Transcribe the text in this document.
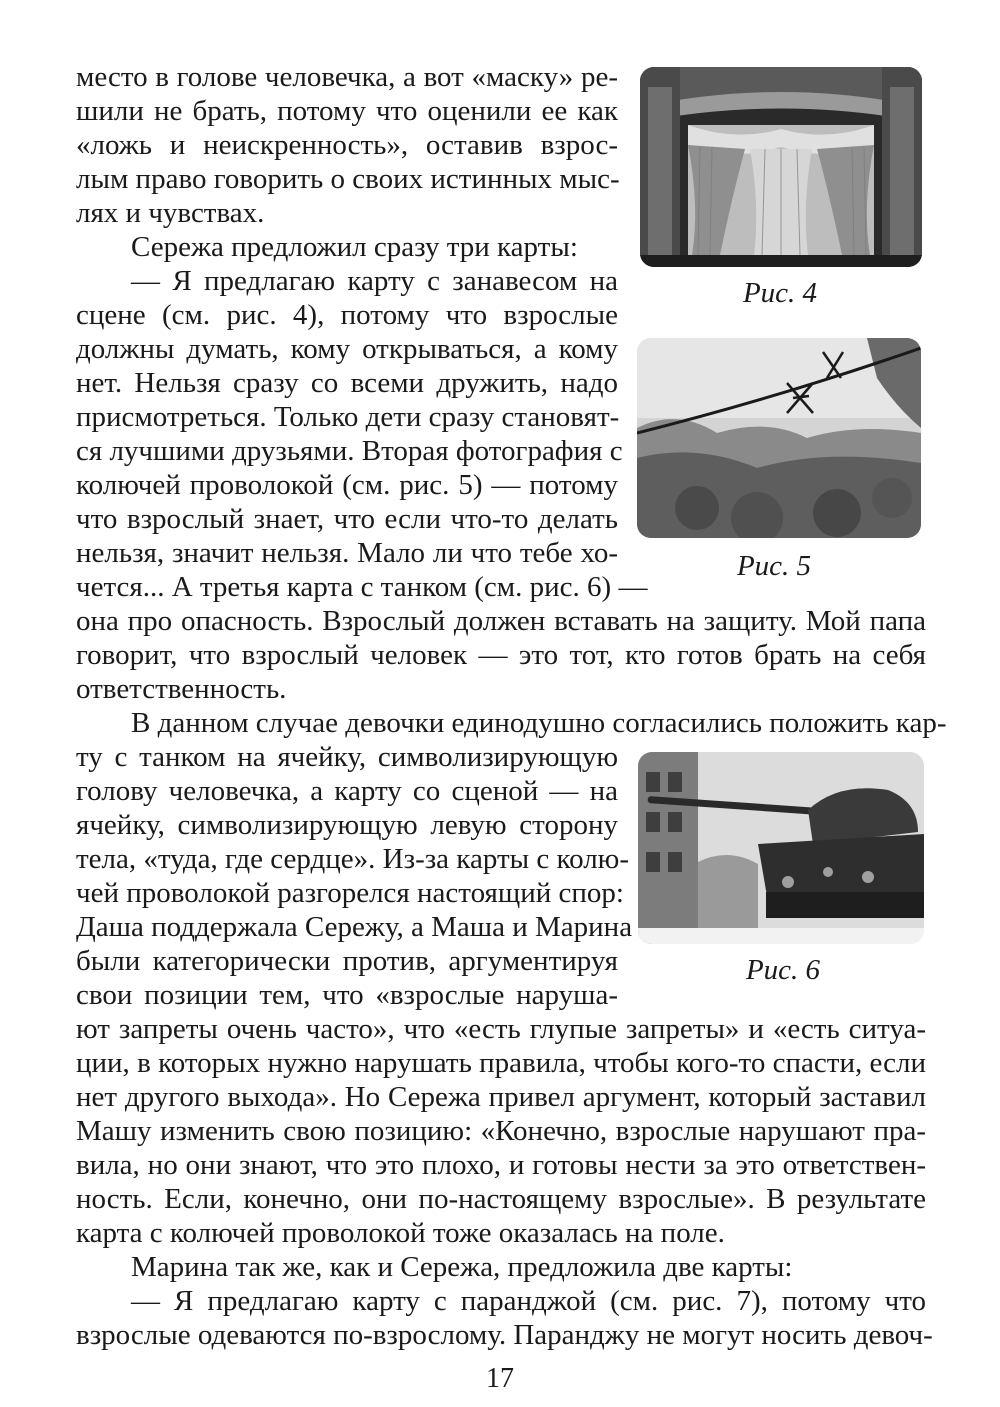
место в голове человечка, а вот «маску» ре-
шили не брать, потому что оценили ее как
«ложь и неискренность», оставив взрос-
лым право говорить о своих истинных мыс-
лях и чувствах.
Сережа предложил сразу три карты:
— Я предлагаю карту с занавесом на
сцене (см. рис. 4), потому что взрослые
должны думать, кому открываться, а кому
нет. Нельзя сразу со всеми дружить, надо
присмотреться. Только дети сразу становят-
ся лучшими друзьями. Вторая фотография с
колючей проволокой (см. рис. 5) — потому
что взрослый знает, что если что-то делать
нельзя, значит нельзя. Мало ли что тебе хо-
чется... А третья карта с танком (см. рис. 6) —
она про опасность. Взрослый должен вставать на защиту. Мой папа
говорит, что взрослый человек — это тот, кто готов брать на себя
ответственность.
В данном случае девочки единодушно согласились положить кар-
ту с танком на ячейку, символизирующую
голову человечка, а карту со сценой — на
ячейку, символизирующую левую сторону
тела, «туда, где сердце». Из-за карты с колю-
чей проволокой разгорелся настоящий спор:
Даша поддержала Сережу, а Маша и Марина
были категорически против, аргументируя
свои позиции тем, что «взрослые наруша-
ют запреты очень часто», что «есть глупые запреты» и «есть ситуа-
ции, в которых нужно нарушать правила, чтобы кого-то спасти, если
нет другого выхода». Но Сережа привел аргумент, который заставил
Машу изменить свою позицию: «Конечно, взрослые нарушают пра-
вила, но они знают, что это плохо, и готовы нести за это ответствен-
ность. Если, конечно, они по-настоящему взрослые». В результате
карта с колючей проволокой тоже оказалась на поле.
Марина так же, как и Сережа, предложила две карты:
— Я предлагаю карту с паранджой (см. рис. 7), потому что
взрослые одеваются по-взрослому. Паранджу не могут носить девоч-
Рис. 4
Рис. 5
Рис. 6
17
